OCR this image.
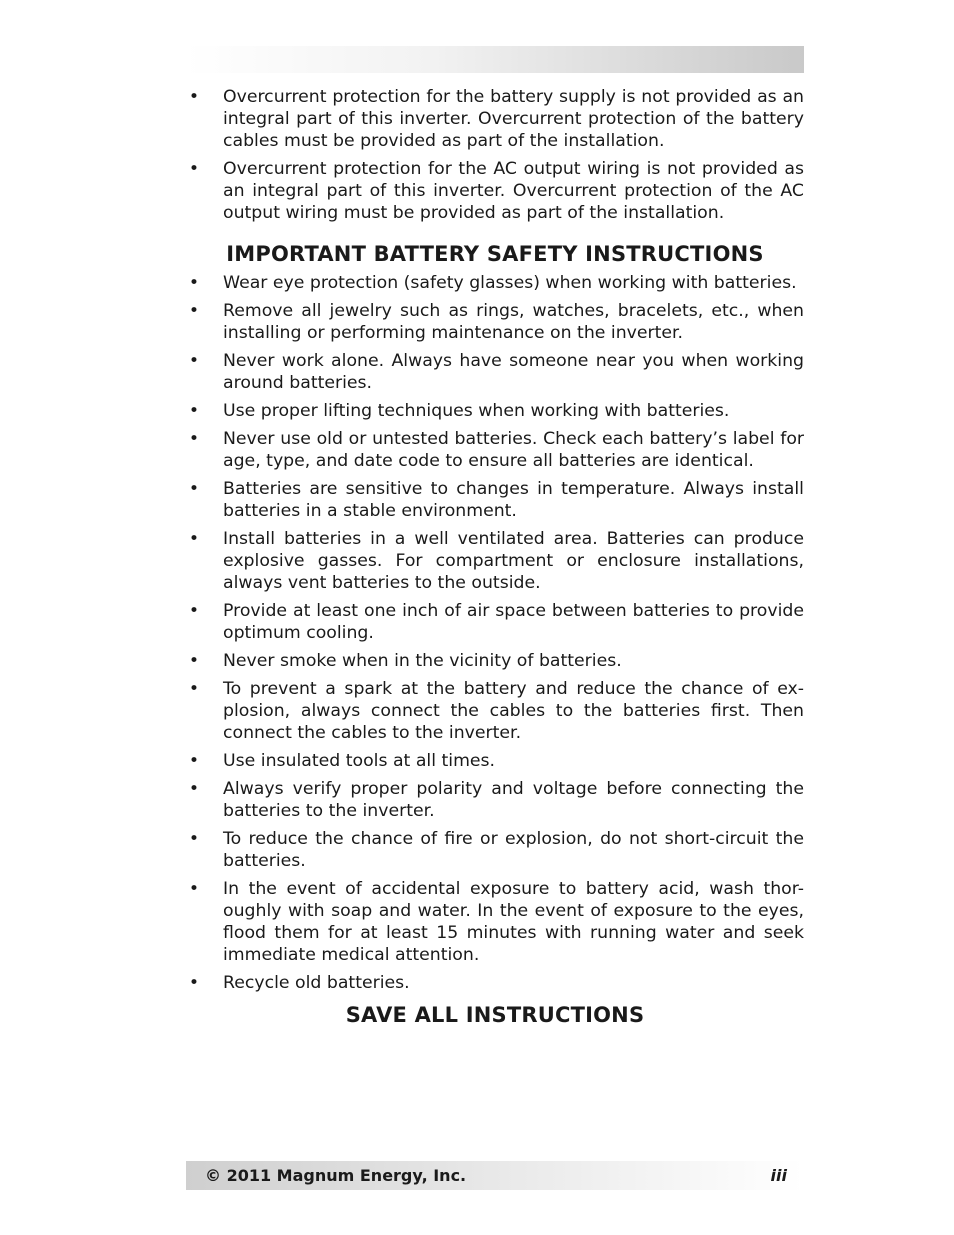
• Overcurrent protection for the battery supply is not provided as an integral part of this inverter. Overcurrent protection of the battery cables must be provided as part of the installation.
• Overcurrent protection for the AC output wiring is not provided as an integral part of this inverter. Overcurrent protection of the AC output wiring must be provided as part of the installation.
IMPORTANT BATTERY SAFETY INSTRUCTIONS
• Wear eye protection (safety glasses) when working with batteries.
• Remove all jewelry such as rings, watches, bracelets, etc., when installing or performing maintenance on the inverter.
• Never work alone. Always have someone near you when working around batteries.
• Use proper lifting techniques when working with batteries.
• Never use old or untested batteries. Check each battery’s label for age, type, and date code to ensure all batteries are identical.
• Batteries are sensitive to changes in temperature. Always install batteries in a stable environment.
• Install batteries in a well ventilated area. Batteries can produce explosive gasses. For compartment or enclosure installations, always vent batteries to the outside.
• Provide at least one inch of air space between batteries to provide optimum cooling.
• Never smoke when in the vicinity of batteries.
• To prevent a spark at the battery and reduce the chance of ex-plosion, always connect the cables to the batteries first. Then connect the cables to the inverter.
• Use insulated tools at all times.
• Always verify proper polarity and voltage before connecting the batteries to the inverter.
• To reduce the chance of fire or explosion, do not short-circuit the batteries.
• In the event of accidental exposure to battery acid, wash thor-oughly with soap and water. In the event of exposure to the eyes, flood them for at least 15 minutes with running water and seek immediate medical attention.
• Recycle old batteries.
SAVE ALL INSTRUCTIONS
© 2011 Magnum Energy, Inc.	iii
